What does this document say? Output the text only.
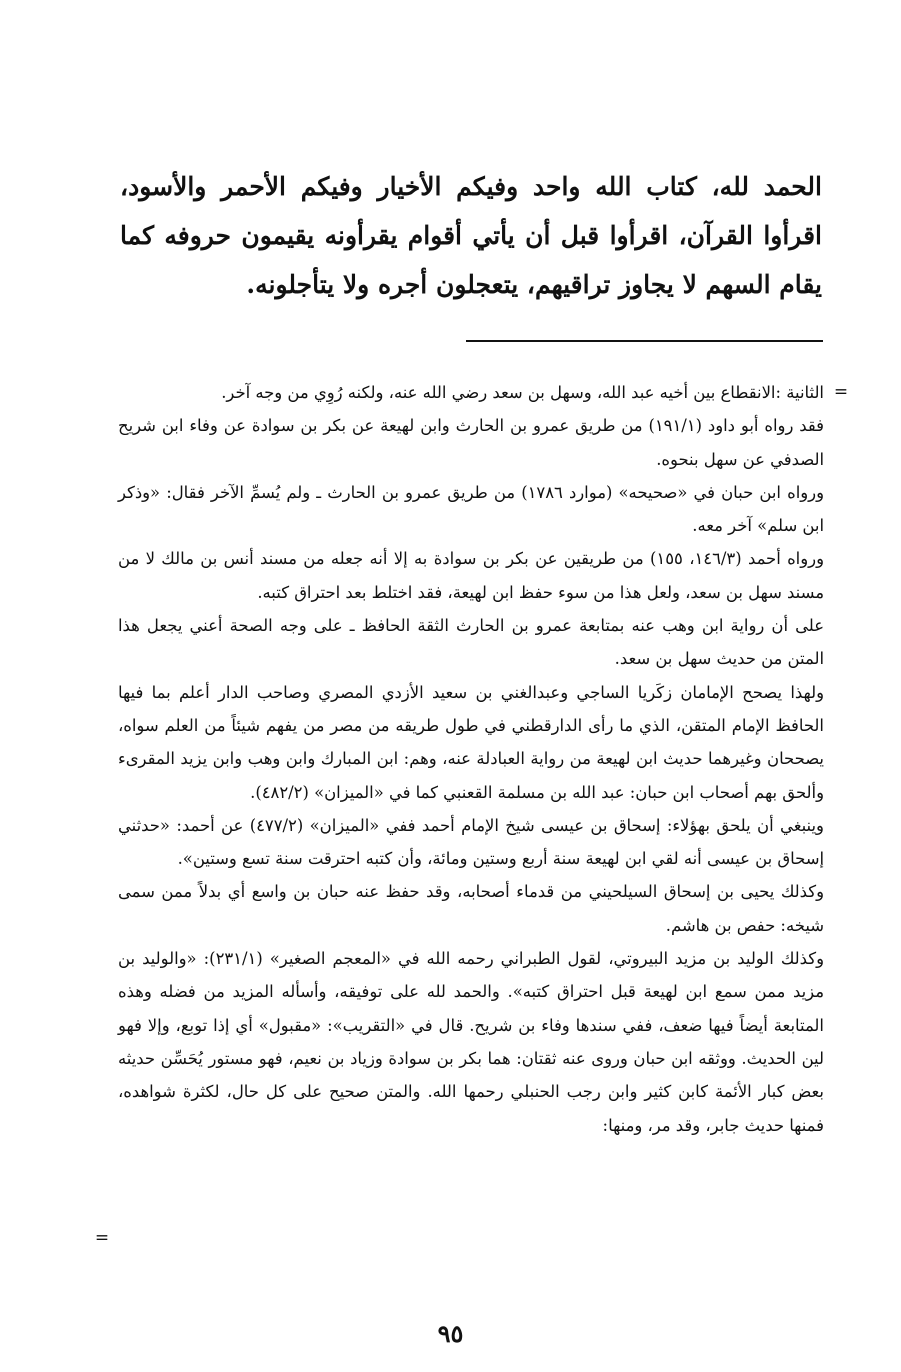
الحمد لله، كتاب الله واحد وفيكم الأخيار وفيكم الأحمر والأسود، اقرأوا القرآن، اقرأوا قبل أن يأتي أقوام يقرأونه يقيمون حروفه كما يقام السهم لا يجاوز تراقيهم، يتعجلون أجره ولا يتأجلونه.

=

الثانية :الانقطاع بين أخيه عبد الله، وسهل بن سعد رضي الله عنه، ولكنه رُوِي من وجه آخر.

فقد رواه أبو داود (١٩١/١) من طريق عمرو بن الحارث وابن لهيعة عن بكر بن سوادة عن وفاء ابن شريح الصدفي عن سهل بنحوه.

ورواه ابن حبان في «صحيحه» (موارد ١٧٨٦) من طريق عمرو بن الحارث ـ ولم يُسمِّ الآخر فقال: «وذكر ابن سلم» آخر معه.

ورواه أحمد (١٤٦/٣، ١٥٥) من طريقين عن بكر بن سوادة به إلا أنه جعله من مسند أنس بن مالك لا من مسند سهل بن سعد، ولعل هذا من سوء حفظ ابن لهيعة، فقد اختلط بعد احتراق كتبه.

على أن رواية ابن وهب عنه بمتابعة عمرو بن الحارث الثقة الحافظ ـ على وجه الصحة أعني يجعل هذا المتن من حديث سهل بن سعد.

ولهذا يصحح الإمامان زكَريا الساجي وعبدالغني بن سعيد الأزدي المصري وصاحب الدار أعلم بما فيها الحافظ الإمام المتقن، الذي ما رأى الدارقطني في طول طريقه من مصر من يفهم شيئاً من العلم سواه، يصححان وغيرهما حديث ابن لهيعة من رواية العبادلة عنه، وهم: ابن المبارك وابن وهب وابن يزيد المقرىء وألحق بهم أصحاب ابن حبان: عبد الله بن مسلمة القعنبي كما في «الميزان» (٤٨٢/٢).

وينبغي أن يلحق بهؤلاء: إسحاق بن عيسى شيخ الإمام أحمد ففي «الميزان» (٤٧٧/٢) عن أحمد: «حدثني إسحاق بن عيسى أنه لقي ابن لهيعة سنة أربع وستين ومائة، وأن كتبه احترقت سنة تسع وستين».

وكذلك يحيى بن إسحاق السيلحيني من قدماء أصحابه، وقد حفظ عنه حبان بن واسع أي بدلاً ممن سمى شيخه: حفص بن هاشم.

وكذلك الوليد بن مزيد البيروتي، لقول الطبراني رحمه الله في «المعجم الصغير» (٢٣١/١): «والوليد بن مزيد ممن سمع ابن لهيعة قبل احتراق كتبه». والحمد لله على توفيقه، وأسأله المزيد من فضله وهذه المتابعة أيضاً فيها ضعف، ففي سندها وفاء بن شريح. قال في «التقريب»: «مقبول» أي إذا توبع، وإلا فهو لين الحديث. ووثقه ابن حبان وروى عنه ثقتان: هما بكر بن سوادة وزياد بن نعيم، فهو مستور يُحَسِّن حديثه بعض كبار الأئمة كابن كثير وابن رجب الحنبلي رحمها الله. والمتن صحيح على كل حال، لكثرة شواهده، فمنها حديث جابر، وقد مر، ومنها:

=
٩٥
